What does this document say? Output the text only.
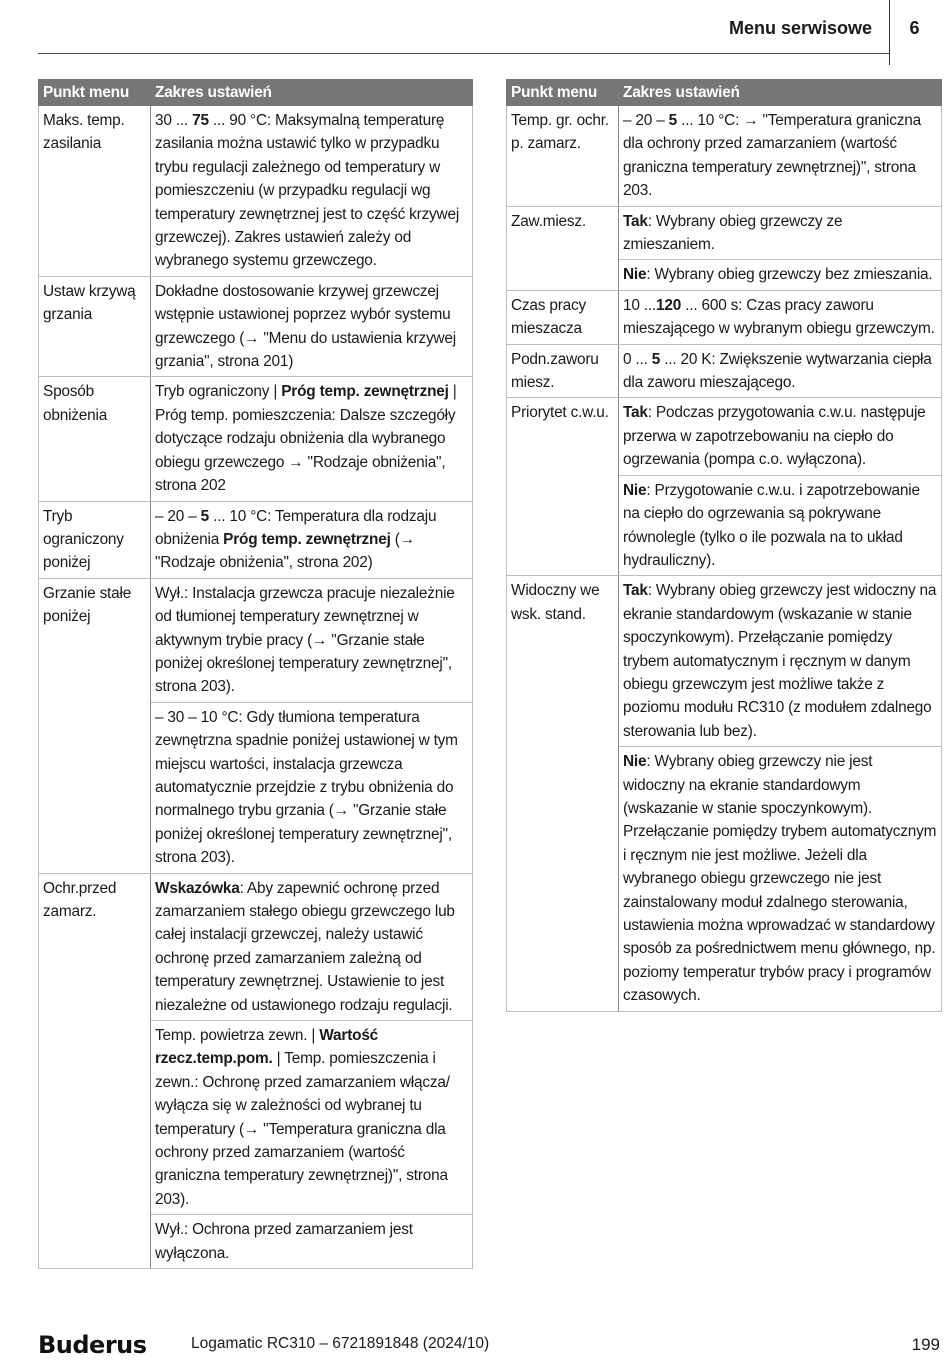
Menu serwisowe	6
Punkt menu	Zakres ustawień
Maks. temp. zasilania	30 ... 75 ... 90 °C: Maksymalną temperaturę zasilania można ustawić tylko w przypadku trybu regulacji zależnego od temperatury w pomieszczeniu (w przypadku regulacji wg temperatury zewnętrznej jest to część krzywej grzewczej). Zakres ustawień zależy od wybranego systemu grzewczego.
Ustaw krzywą grzania	Dokładne dostosowanie krzywej grzewczej wstępnie ustawionej poprzez wybór systemu grzewczego (→ "Menu do ustawienia krzywej grzania", strona 201)
Sposób obniżenia	Tryb ograniczony | Próg temp. zewnętrznej | Próg temp. pomieszczenia: Dalsze szczegóły dotyczące rodzaju obniżenia dla wybranego obiegu grzewczego → "Rodzaje obniżenia", strona 202
Tryb ograniczony poniżej	– 20 – 5 ... 10 °C: Temperatura dla rodzaju obniżenia Próg temp. zewnętrznej (→ "Rodzaje obniżenia", strona 202)
Grzanie stałe poniżej	Wył.: Instalacja grzewcza pracuje niezależnie od tłumionej temperatury zewnętrznej w aktywnym trybie pracy (→ "Grzanie stałe poniżej określonej temperatury zewnętrznej", strona 203).
	– 30 – 10 °C: Gdy tłumiona temperatura zewnętrzna spadnie poniżej ustawionej w tym miejscu wartości, instalacja grzewcza automatycznie przejdzie z trybu obniżenia do normalnego trybu grzania (→ "Grzanie stałe poniżej określonej temperatury zewnętrznej", strona 203).
Ochr.przed zamarz.	Wskazówka: Aby zapewnić ochronę przed zamarzaniem stałego obiegu grzewczego lub całej instalacji grzewczej, należy ustawić ochronę przed zamarzaniem zależną od temperatury zewnętrznej. Ustawienie to jest niezależne od ustawionego rodzaju regulacji.
	Temp. powietrza zewn. | Wartość rzecz.temp.pom. | Temp. pomieszczenia i zewn.: Ochronę przed zamarzaniem włącza/ wyłącza się w zależności od wybranej tu temperatury (→ "Temperatura graniczna dla ochrony przed zamarzaniem (wartość graniczna temperatury zewnętrznej)", strona 203).
	Wył.: Ochrona przed zamarzaniem jest wyłączona.
Punkt menu	Zakres ustawień
Temp. gr. ochr. p. zamarz.	– 20 – 5 ... 10 °C: → "Temperatura graniczna dla ochrony przed zamarzaniem (wartość graniczna temperatury zewnętrznej)", strona 203.
Zaw.miesz.	Tak: Wybrany obieg grzewczy ze zmieszaniem.
	Nie: Wybrany obieg grzewczy bez zmieszania.
Czas pracy mieszacza	10 ...120 ... 600 s: Czas pracy zaworu mieszającego w wybranym obiegu grzewczym.
Podn.zaworu miesz.	0 ... 5 ... 20 K: Zwiększenie wytwarzania ciepła dla zaworu mieszającego.
Priorytet c.w.u.	Tak: Podczas przygotowania c.w.u. następuje przerwa w zapotrzebowaniu na ciepło do ogrzewania (pompa c.o. wyłączona).
	Nie: Przygotowanie c.w.u. i zapotrzebowanie na ciepło do ogrzewania są pokrywane równolegle (tylko o ile pozwala na to układ hydrauliczny).
Widoczny we wsk. stand.	Tak: Wybrany obieg grzewczy jest widoczny na ekranie standardowym (wskazanie w stanie spoczynkowym). Przełączanie pomiędzy trybem automatycznym i ręcznym w danym obiegu grzewczym jest możliwe także z poziomu modułu RC310 (z modułem zdalnego sterowania lub bez).
	Nie: Wybrany obieg grzewczy nie jest widoczny na ekranie standardowym (wskazanie w stanie spoczynkowym). Przełączanie pomiędzy trybem automatycznym i ręcznym nie jest możliwe. Jeżeli dla wybranego obiegu grzewczego nie jest zainstalowany moduł zdalnego sterowania, ustawienia można wprowadzać w standardowy sposób za pośrednictwem menu głównego, np. poziomy temperatur trybów pracy i programów czasowych.
Buderus	Logamatic RC310 – 6721891848 (2024/10)	199
